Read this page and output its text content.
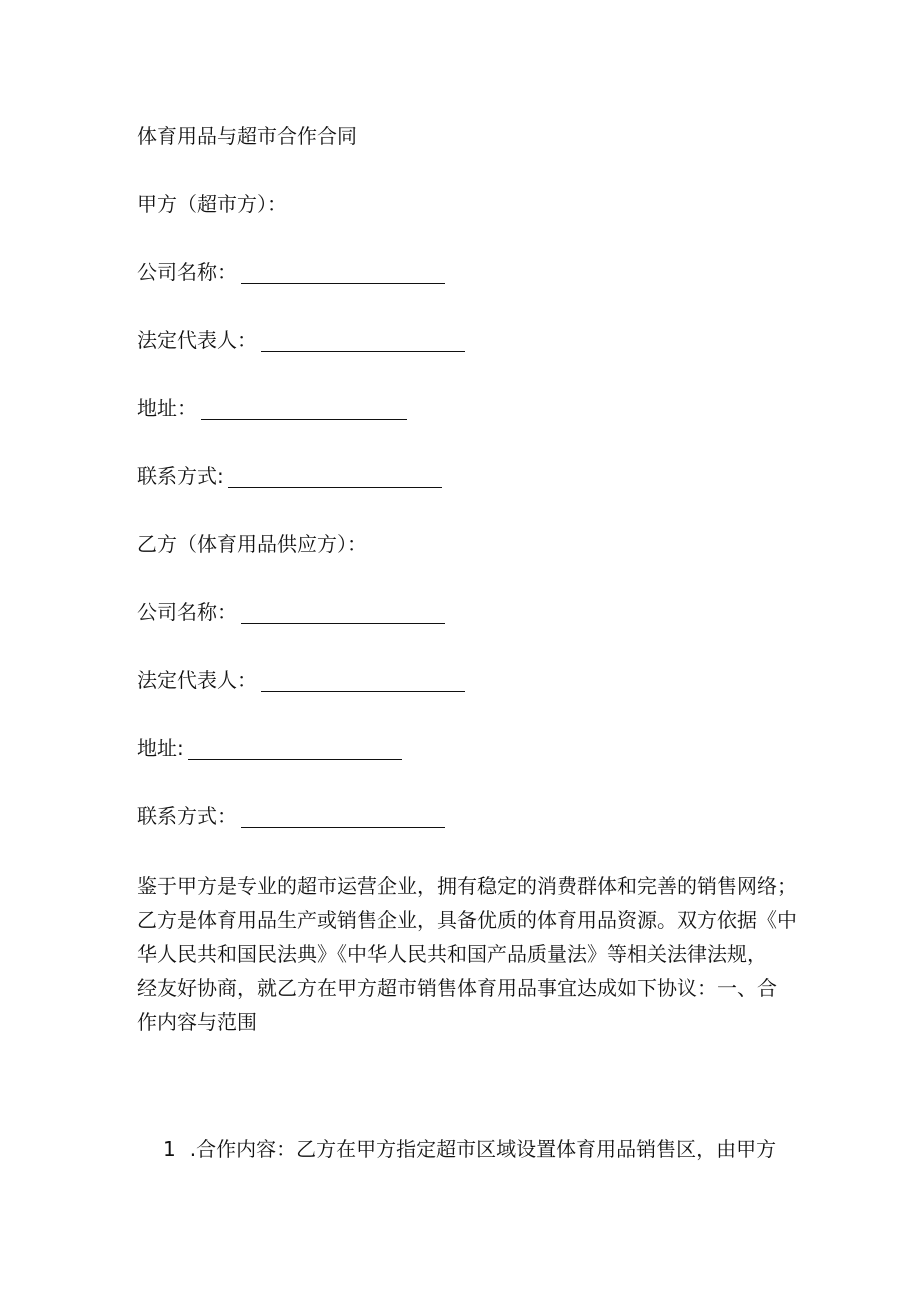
体育用品与超市合作合同
甲方（超市方）：
公司名称：
法定代表人：
地址：
联系方式:
乙方（体育用品供应方）：
公司名称：
法定代表人：
地址:
联系方式：
鉴于甲方是专业的超市运营企业，拥有稳定的消费群体和完善的销售网络；
乙方是体育用品生产或销售企业，具备优质的体育用品资源。双方依据《中
华人民共和国民法典》《中华人民共和国产品质量法》等相关法律法规，
经友好协商，就乙方在甲方超市销售体育用品事宜达成如下协议：一、合
作内容与范围
1 .合作内容：乙方在甲方指定超市区域设置体育用品销售区，由甲方
